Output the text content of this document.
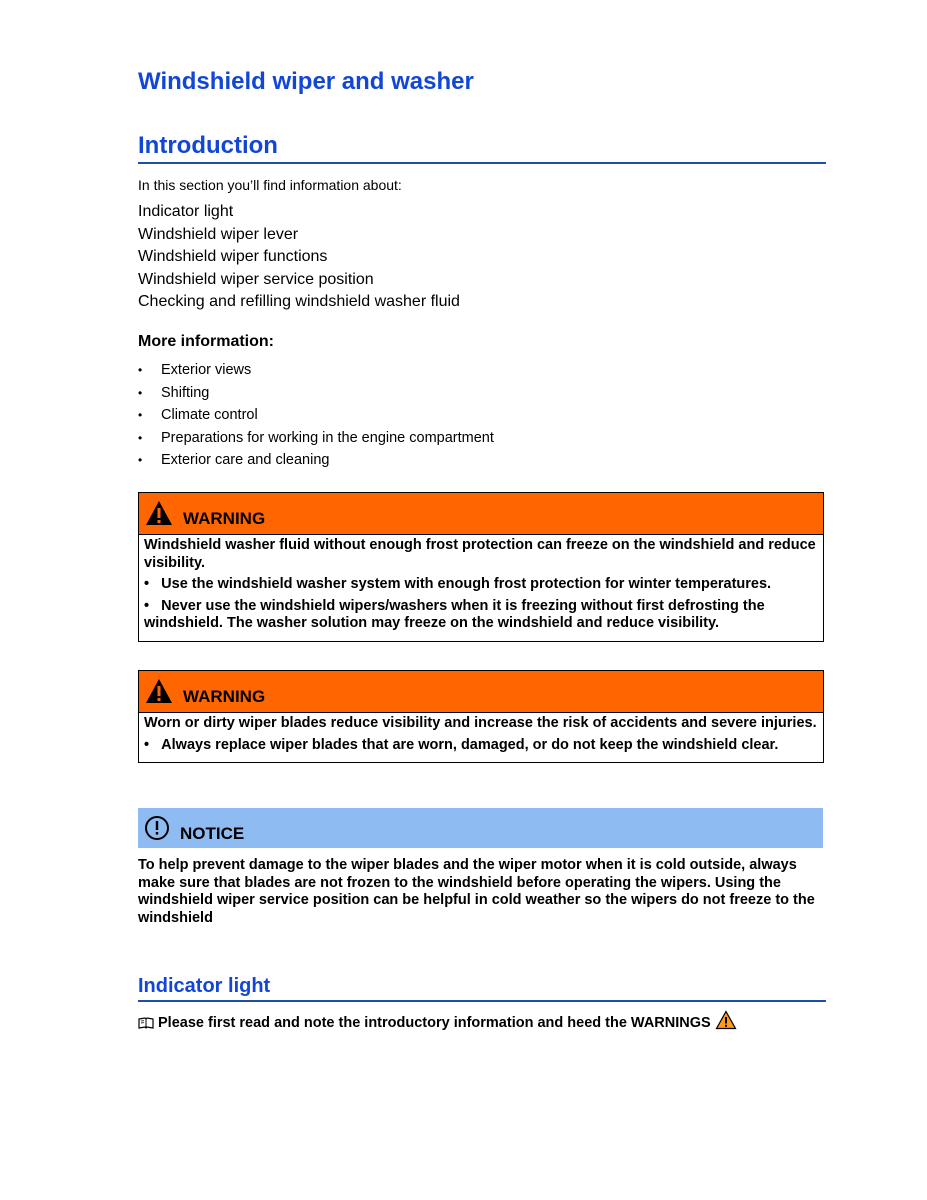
Windshield wiper and washer
Introduction
In this section you’ll find information about:
Indicator light
Windshield wiper lever
Windshield wiper functions
Windshield wiper service position
Checking and refilling windshield washer fluid
More information:
• Exterior views
• Shifting
• Climate control
• Preparations for working in the engine compartment
• Exterior care and cleaning
WARNING
Windshield washer fluid without enough frost protection can freeze on the windshield and reduce visibility.
•   Use the windshield washer system with enough frost protection for winter temperatures.
•   Never use the windshield wipers/washers when it is freezing without first defrosting the windshield. The washer solution may freeze on the windshield and reduce visibility.
WARNING
Worn or dirty wiper blades reduce visibility and increase the risk of accidents and severe injuries.
•   Always replace wiper blades that are worn, damaged, or do not keep the windshield clear.
NOTICE
To help prevent damage to the wiper blades and the wiper motor when it is cold outside, always make sure that blades are not frozen to the windshield before operating the wipers. Using the windshield wiper service position can be helpful in cold weather so the wipers do not freeze to the windshield
Indicator light
Please first read and note the introductory information and heed the WARNINGS
